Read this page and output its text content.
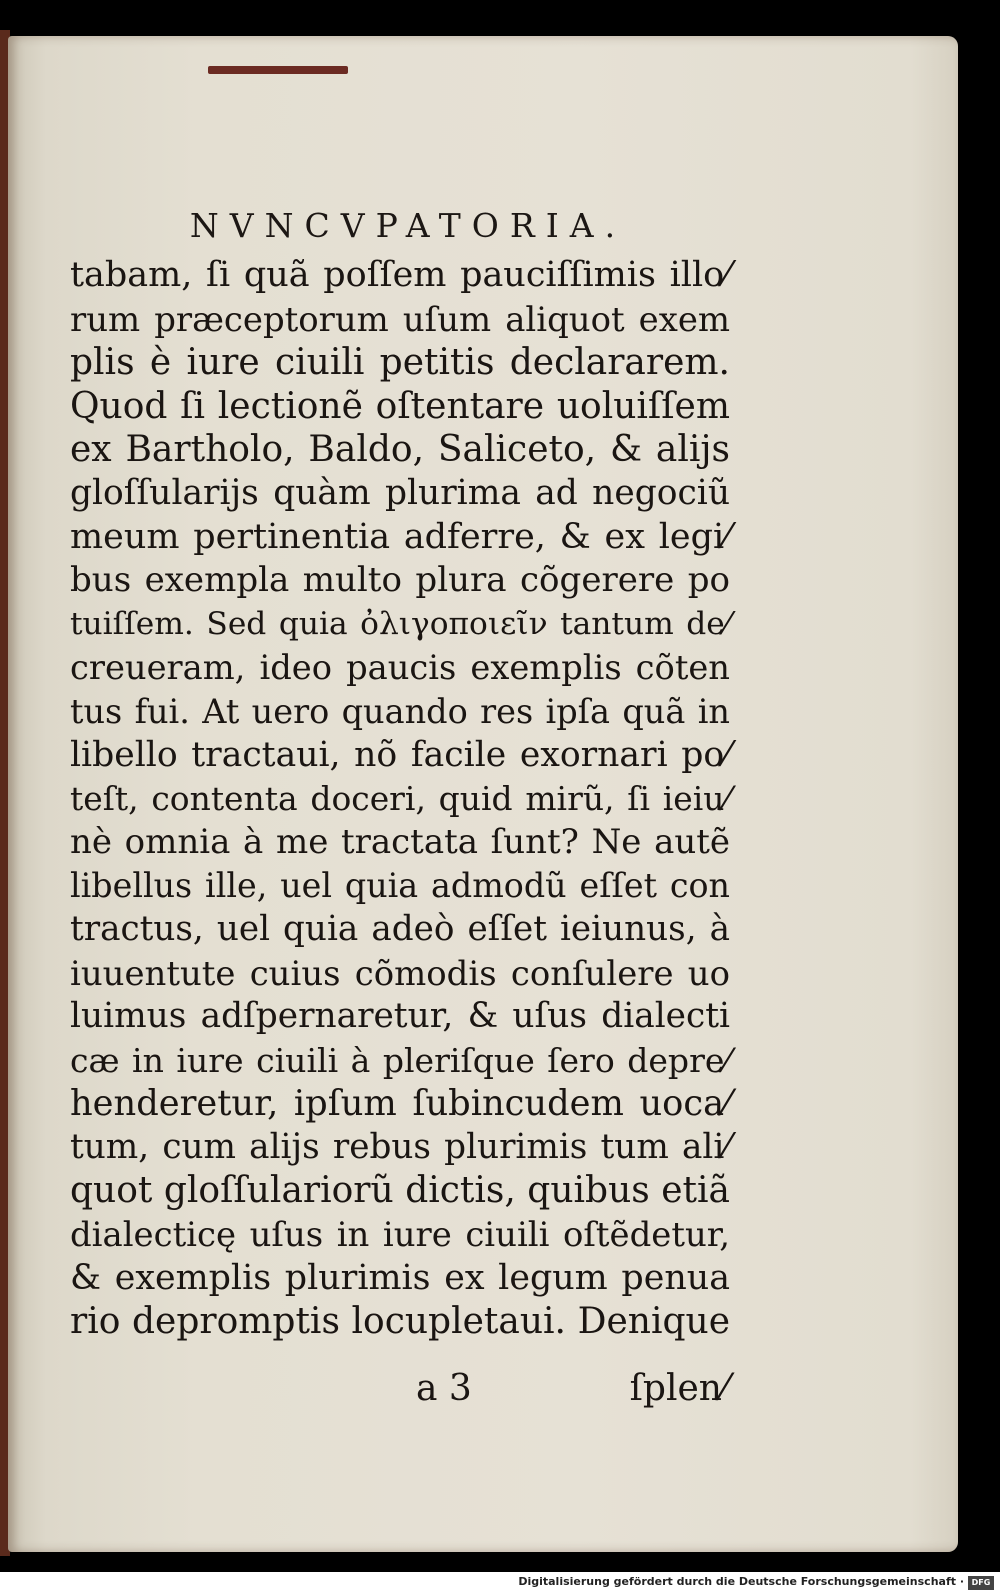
NVNCVPATORIA.
tabam, ſi quã poſſem pauciſſimis illo⁄
rum præceptorum uſum aliquot exem
plis è iure ciuili petitis declararem.
Quod ſi lectionẽ oſtentare uoluiſſem
ex Bartholo, Baldo, Saliceto, & alijs
gloſſularijs quàm plurima ad negociũ
meum pertinentia adferre, & ex legi⁄
bus exempla multo plura cõgerere po
tuiſſem. Sed quia ὀλιγοποιεῖν tantum de⁄
creueram, ideo paucis exemplis cõten
tus fui. At uero quando res ipſa quã in
libello tractaui, nõ facile exornari po⁄
teſt, contenta doceri, quid mirũ, ſi ieiu⁄
nè omnia à me tractata ſunt? Ne autẽ
libellus ille, uel quia admodũ eſſet con
tractus, uel quia adeò eſſet ieiunus, à
iuuentute cuius cõmodis conſulere uo
luimus adſpernaretur, & uſus dialecti
cæ in iure ciuili à pleriſque ſero depre⁄
henderetur, ipſum ſubincudem uoca⁄
tum, cum alijs rebus plurimis tum ali⁄
quot gloſſulariorũ dictis, quibus etiã
dialecticę uſus in iure ciuili oſtẽdetur,
& exemplis plurimis ex legum penua
rio depromptis locupletaui. Denique
a 3	ſplen⁄
Digitalisierung gefördert durch die Deutsche Forschungsgemeinschaft · DFG
